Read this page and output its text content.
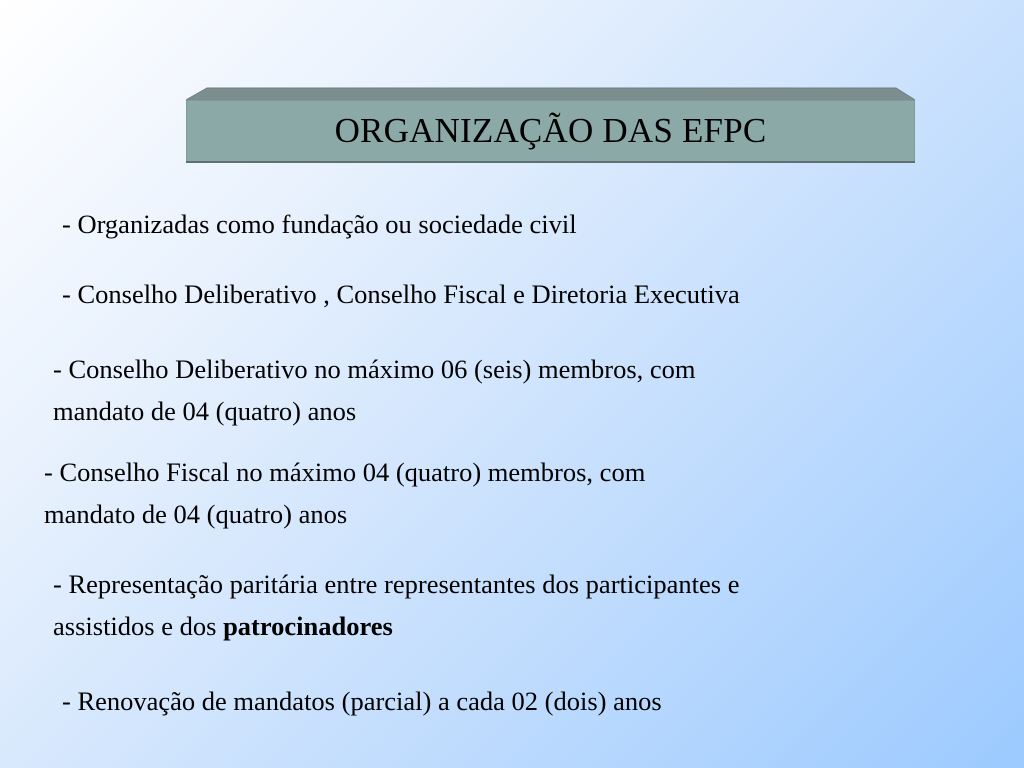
ORGANIZAÇÃO DAS EFPC

- Organizadas como fundação ou sociedade civil

- Conselho Deliberativo , Conselho Fiscal e Diretoria Executiva

- Conselho Deliberativo no máximo 06 (seis) membros, com
mandato de 04 (quatro) anos
- Conselho Fiscal no máximo 04 (quatro) membros, com
mandato de 04 (quatro) anos
- Representação paritária entre representantes dos participantes e
assistidos e dos patrocinadores

- Renovação de mandatos (parcial) a cada 02 (dois) anos
